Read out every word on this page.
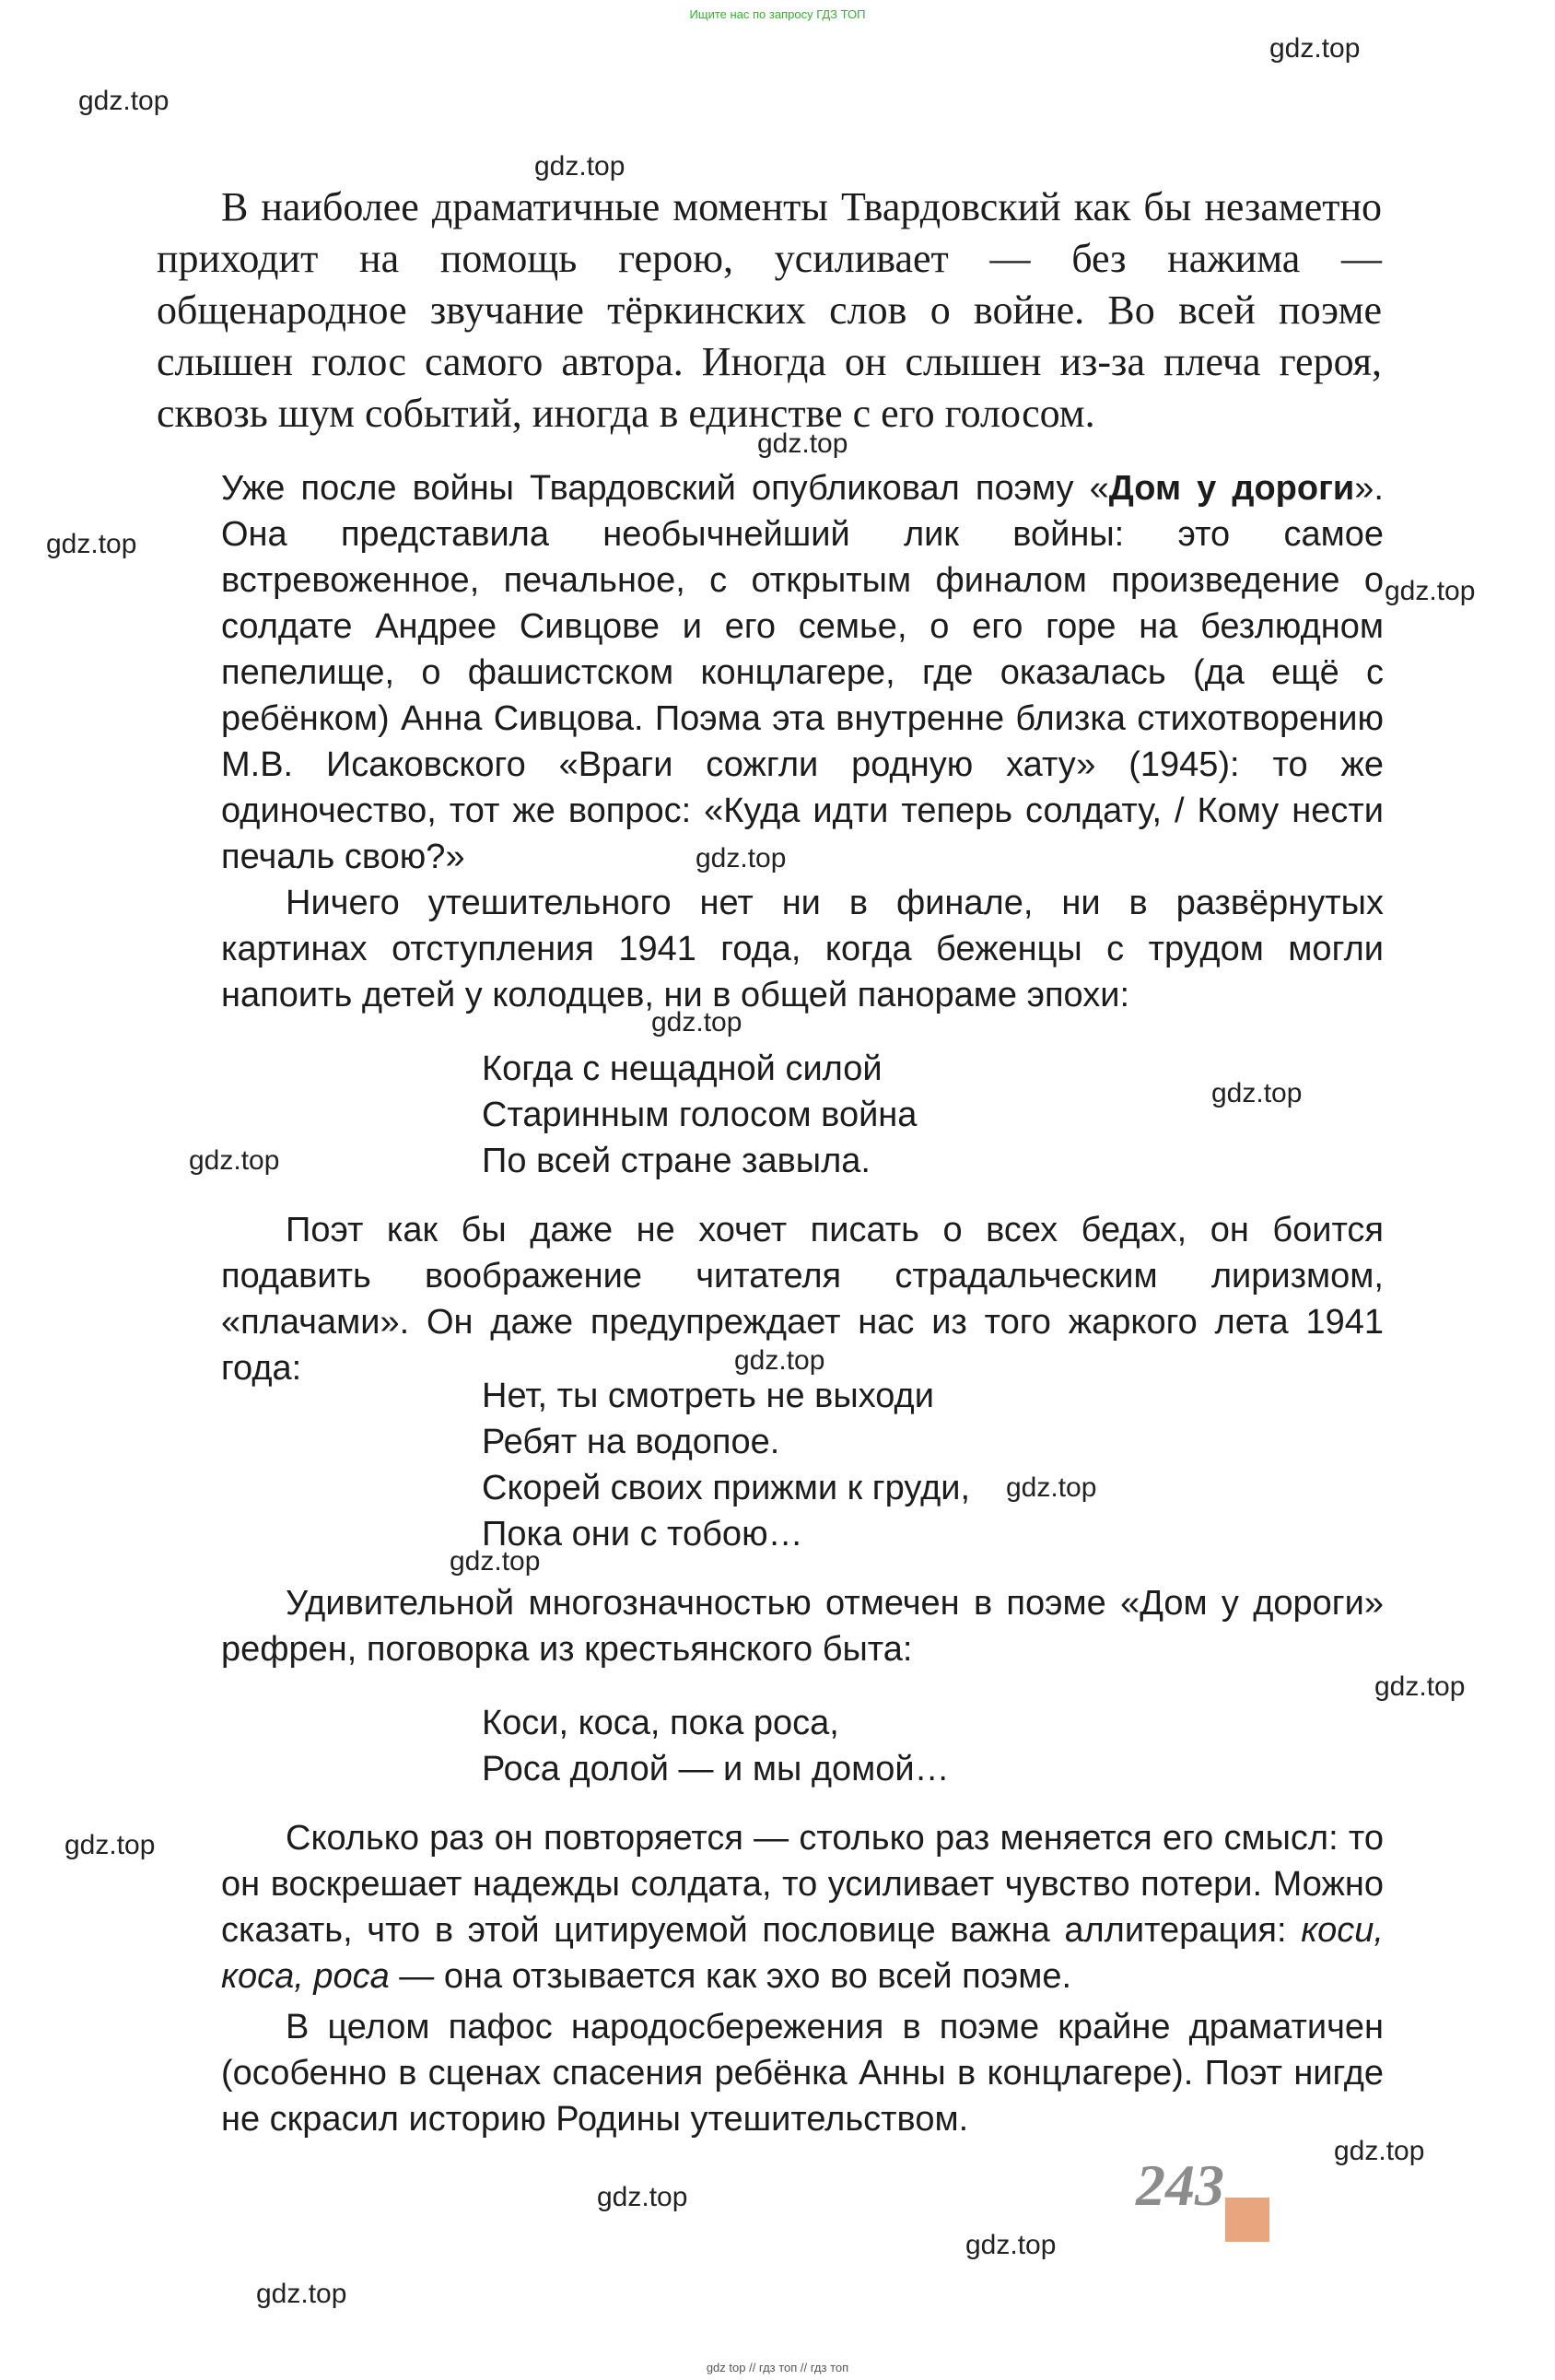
Ищите нас по запросу ГДЗ ТОП
В наиболее драматичные моменты Твардовский как бы незаметно приходит на помощь герою, усиливает — без нажима — общенародное звучание тёркинских слов о войне. Во всей поэме слышен голос самого автора. Иногда он слышен из-за плеча героя, сквозь шум событий, иногда в единстве с его голосом.
Уже после войны Твардовский опубликовал поэму «Дом у дороги». Она представила необычнейший лик войны: это самое встревоженное, печальное, с открытым финалом произведение о солдате Андрее Сивцове и его семье, о его горе на безлюдном пепелище, о фашистском концлагере, где оказалась (да ещё с ребёнком) Анна Сивцова. Поэма эта внутренне близка стихотворению М.В. Исаковского «Враги сожгли родную хату» (1945): то же одиночество, тот же вопрос: «Куда идти теперь солдату, / Кому нести печаль свою?»
Ничего утешительного нет ни в финале, ни в развёрнутых картинах отступления 1941 года, когда беженцы с трудом могли напоить детей у колодцев, ни в общей панораме эпохи:
Когда с нещадной силой
Старинным голосом война
По всей стране завыла.
Поэт как бы даже не хочет писать о всех бедах, он боится подавить воображение читателя страдальческим лиризмом, «плачами». Он даже предупреждает нас из того жаркого лета 1941 года:
Нет, ты смотреть не выходи
Ребят на водопое.
Скорей своих прижми к груди,
Пока они с тобою…
Удивительной многозначностью отмечен в поэме «Дом у дороги» рефрен, поговорка из крестьянского быта:
Коси, коса, пока роса,
Роса долой — и мы домой…
Сколько раз он повторяется — столько раз меняется его смысл: то он воскрешает надежды солдата, то усиливает чувство потери. Можно сказать, что в этой цитируемой пословице важна аллитерация: коси, коса, роса — она отзывается как эхо во всей поэме.
В целом пафос народосбережения в поэме крайне драматичен (особенно в сценах спасения ребёнка Анны в концлагере). Поэт нигде не скрасил историю Родины утешительством.
243
gdz.top
gdz.top
gdz.top
gdz.top
gdz.top
gdz.top
gdz.top
gdz.top
gdz.top
gdz.top
gdz.top
gdz.top
gdz.top
gdz.top
gdz.top
gdz.top
gdz.top
gdz.top
gdz.top
gdz top // гдз топ // гдз топ
